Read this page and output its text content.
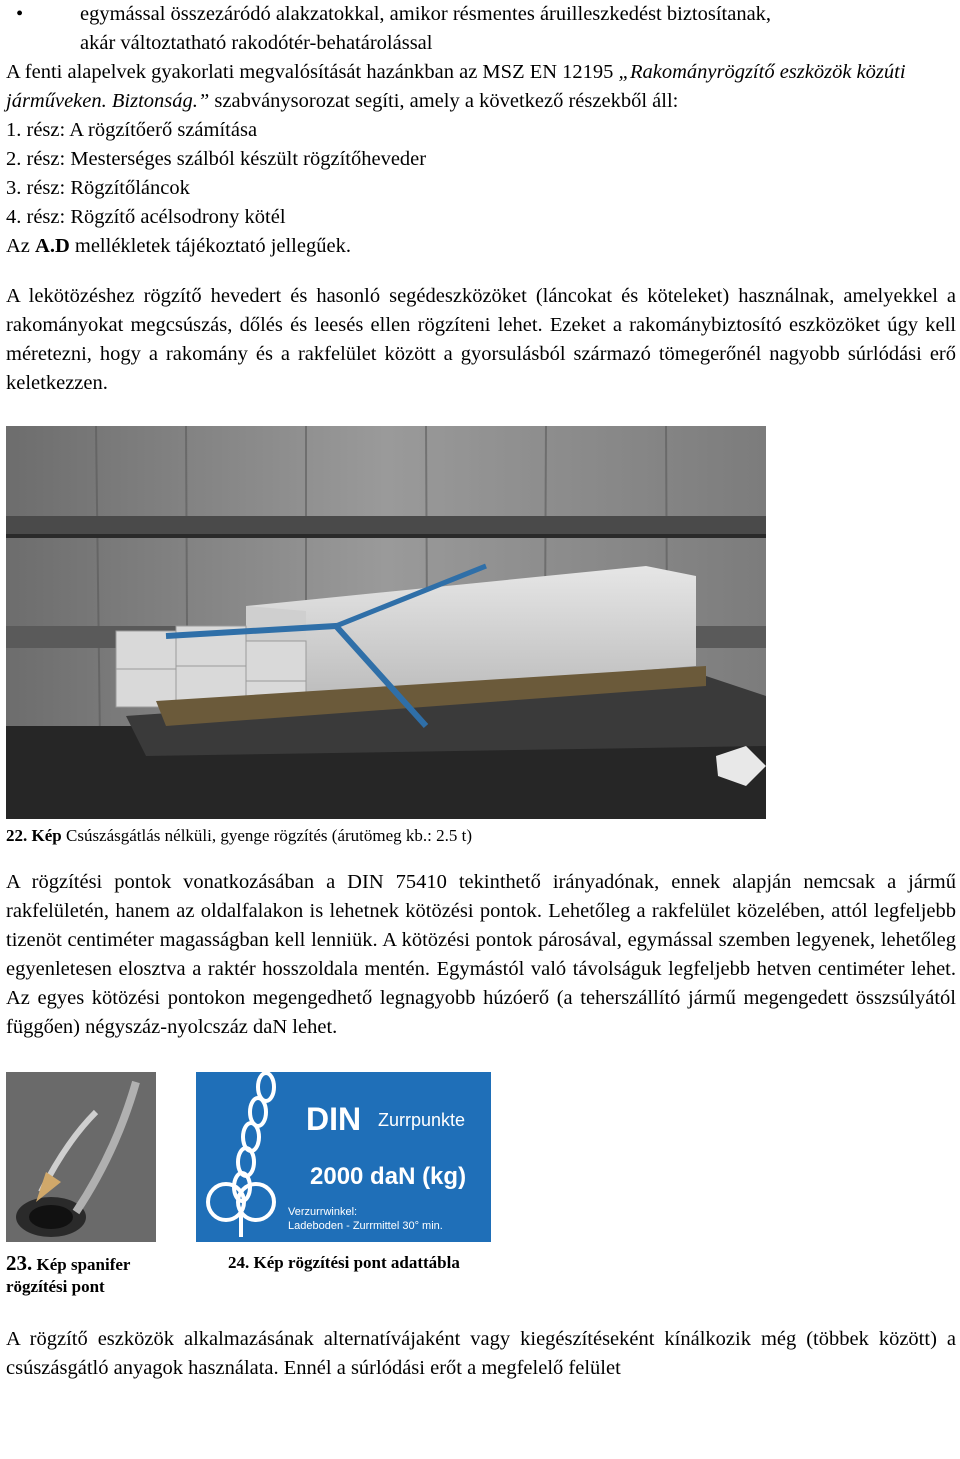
•	egymással összezáródó alakzatokkal, amikor résmentes áruilleszkedést biztosítanak,

akár változtatható rakodótér-behatárolással

A fenti alapelvek gyakorlati megvalósítását hazánkban az MSZ EN 12195 „Rakományrögzítő eszközök közúti járműveken. Biztonság.” szabványsorozat segíti, amely a következő részekből áll:

1. rész: A rögzítőerő számítása

2. rész: Mesterséges szálból készült rögzítőheveder

3. rész: Rögzítőláncok

4. rész: Rögzítő acélsodrony kötél

Az A.D mellékletek tájékoztató jellegűek.

A lekötözéshez rögzítő hevedert és hasonló segédeszközöket (láncokat és köteleket) használnak, amelyekkel a rakományokat megcsúszás, dőlés és leesés ellen rögzíteni lehet. Ezeket a rakománybiztosító eszközöket úgy kell méretezni, hogy a rakomány és a rakfelület között a gyorsulásból származó tömegerőnél nagyobb súrlódási erő keletkezzen.

22. Kép Csúszásgátlás nélküli, gyenge rögzítés (árutömeg kb.: 2.5 t)

A rögzítési pontok vonatkozásában a DIN 75410 tekinthető irányadónak, ennek alapján nemcsak a jármű rakfelületén, hanem az oldalfalakon is lehetnek kötözési pontok. Lehetőleg a rakfelület közelében, attól legfeljebb tizenöt centiméter magasságban kell lenniük. A kötözési pontok párosával, egymással szemben legyenek, lehetőleg egyenletesen elosztva a raktér hosszoldala mentén. Egymástól való távolságuk legfeljebb hetven centiméter lehet. Az egyes kötözési pontokon megengedhető legnagyobb húzóerő (a teherszállító jármű megengedett összsúlyától függően) négyszáz-nyolcszáz daN lehet.

DIN Zurrpunkte
2000 daN (kg)
Verzurrwinkel:
Ladeboden - Zurrmittel 30° min.
23. Kép spanifer
rögzítési pont
24. Kép rögzítési pont adattábla

A rögzítő eszközök alkalmazásának alternatívájaként vagy kiegészítéseként kínálkozik még (többek között) a csúszásgátló anyagok használata. Ennél a súrlódási erőt a megfelelő felület
